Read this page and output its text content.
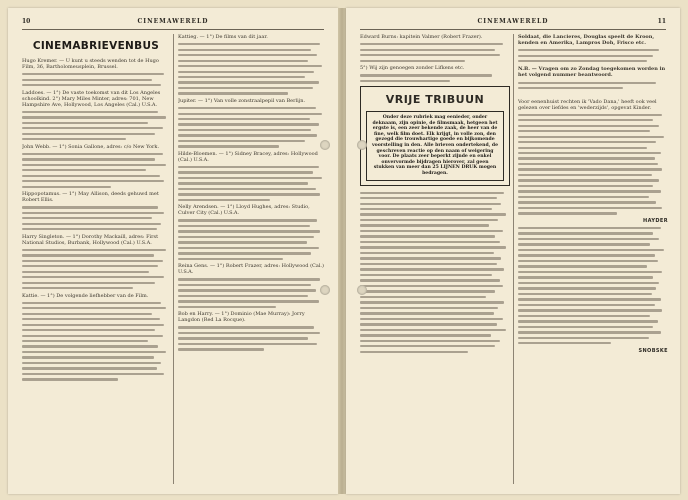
10	CINEMAWERELD
CINEMABRIEVENBUS
Hugo Kremer. — U kunt u steeds wenden tot de Hugo Film, 36, Bartholomeusplein, Brussel.
Laddoes. — 1°) De vaste toekomst van dit Los Angeles schoolkind. 2°) Mary Miles Minter, adres: 701, New Hampshire Ave, Hollywood, Los Angeles (Cal.) U.S.A.
John Webb. — 1°) Sonia Gallone, adres: c/o New York.
Hippopotamus. — 1°) May Allison, deeds gehuwd met Robert Ellis.
Harry Singleton. — 1°) Dorothy Mackaill, adres: First National Studios, Burbank, Hollywood (Cal.) U.S.A.
Kattie. — 1°) De volgende liefhebber van de Film.
Kattieg. — 1°) De films van dit jaar.
Jupiter. — 1°) Van volle zonstraalpepil van Berlijn.
Hilde-Bloemen. — 1°) Sidney Bracey, adres: Hollywood (Cal.) U.S.A.
Nelly Arendsen. — 1°) Lloyd Hughes, adres: Studio, Culver City (Cal.) U.S.A.
Reina Gens. — 1°) Robert Frazer, adres: Hollywood (Cal.) U.S.A.
Bob en Harry. — 1°) Dominio (Mae Murray): Jorry Langdon (Red La Rocque).
CINEMAWERELD	11
Edward Burns: kapitein Valmer (Robert Frazer).
5°) Wij zijn genoegen zonder Lifkens etc.
VRIJE TRIBUUN
Onder deze rubriek mag eenieder, onder deknaam, zijn opinie, de filmsmaak, hetgeen het ergste is, een zeer bekende zaak, de heer van de fine, welk film doet. Elk krijgt, in volle zon, den gezegd die trouwhartige goede en bijkomende voorstelling in den. Alle brieven ondertekend, de geschreven reactie op den naam of weigering voor. De plaats zeer beperkt zijnde en enkel onvervormde bijdragen hierover, zal geen stukken van meer dan 25 LIJNEN DRUK mogen bedragen.
Soldaat, die Lancieres, Douglas speelt de Kroon, kenden en Amerika, Lampros Doh, Frisco etc.
N.B. — Vragen om zo Zondag toegekomen worden in het volgend nummer beantwoord.
Voor eenenhuist rechten ik 'Vado Dana,' heeft ook veel gelezen over liefdes en 'wederzijds', opgevat Kinder.
HAYDER
SNOBSKE
